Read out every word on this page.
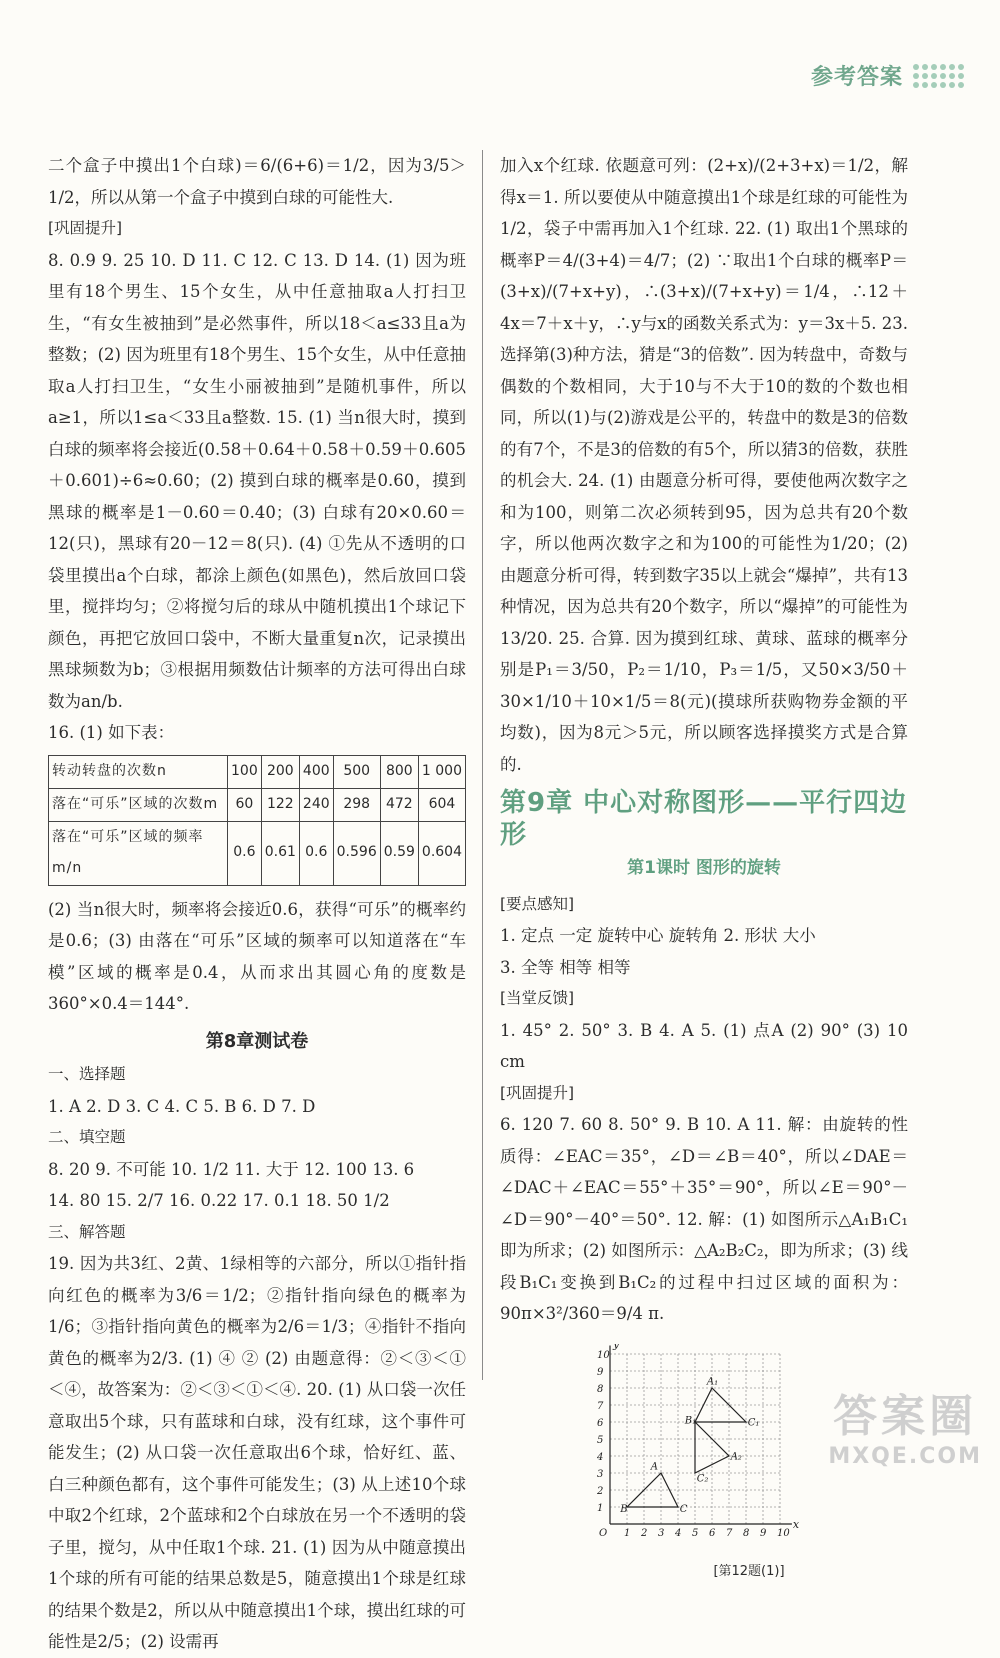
参考答案

二个盒子中摸出1个白球)＝6/(6+6)＝1/2，因为3/5＞1/2，所以从第一个盒子中摸到白球的可能性大.

[巩固提升]

8. 0.9 9. 25 10. D 11. C 12. C 13. D 14. (1) 因为班里有18个男生、15个女生，从中任意抽取a人打扫卫生，“有女生被抽到”是必然事件，所以18＜a≤33且a为整数；(2) 因为班里有18个男生、15个女生，从中任意抽取a人打扫卫生，“女生小丽被抽到”是随机事件，所以a≥1，所以1≤a＜33且a整数. 15. (1) 当n很大时，摸到白球的频率将会接近(0.58＋0.64＋0.58＋0.59＋0.605＋0.601)÷6≈0.60；(2) 摸到白球的概率是0.60，摸到黑球的概率是1－0.60＝0.40；(3) 白球有20×0.60＝12(只)，黑球有20－12＝8(只). (4) ①先从不透明的口袋里摸出a个白球，都涂上颜色(如黑色)，然后放回口袋里，搅拌均匀；②将搅匀后的球从中随机摸出1个球记下颜色，再把它放回口袋中，不断大量重复n次，记录摸出黑球频数为b；③根据用频数估计频率的方法可得出白球数为an/b.

16. (1) 如下表：

转动转盘的次数n	100	200	400	500	800	1 000
落在“可乐”区域的次数m	60	122	240	298	472	604
落在“可乐”区域的频率m/n	0.6	0.61	0.6	0.596	0.59	0.604

(2) 当n很大时，频率将会接近0.6，获得“可乐”的概率约是0.6；(3) 由落在“可乐”区域的频率可以知道落在“车模”区域的概率是0.4，从而求出其圆心角的度数是360°×0.4＝144°.

第8章测试卷

一、选择题

1. A 2. D 3. C 4. C 5. B 6. D 7. D

二、填空题

8. 20 9. 不可能 10. 1/2 11. 大于 12. 100 13. 6

14. 80 15. 2/7 16. 0.22 17. 0.1 18. 50 1/2

三、解答题

19. 因为共3红、2黄、1绿相等的六部分，所以①指针指向红色的概率为3/6＝1/2；②指针指向绿色的概率为1/6；③指针指向黄色的概率为2/6＝1/3；④指针不指向黄色的概率为2/3. (1) ④ ② (2) 由题意得：②＜③＜①＜④，故答案为：②＜③＜①＜④. 20. (1) 从口袋一次任意取出5个球，只有蓝球和白球，没有红球，这个事件可能发生；(2) 从口袋一次任意取出6个球，恰好红、蓝、白三种颜色都有，这个事件可能发生；(3) 从上述10个球中取2个红球，2个蓝球和2个白球放在另一个不透明的袋子里，搅匀，从中任取1个球. 21. (1) 因为从中随意摸出1个球的所有可能的结果总数是5，随意摸出1个球是红球的结果个数是2，所以从中随意摸出1个球，摸出红球的可能性是2/5；(2) 设需再

加入x个红球. 依题意可列：(2+x)/(2+3+x)＝1/2，解得x＝1. 所以要使从中随意摸出1个球是红球的可能性为1/2，袋子中需再加入1个红球. 22. (1) 取出1个黑球的概率P＝4/(3+4)＝4/7；(2) ∵取出1个白球的概率P＝(3+x)/(7+x+y)，∴(3+x)/(7+x+y)＝1/4，∴12＋4x＝7＋x＋y，∴y与x的函数关系式为：y＝3x＋5. 23. 选择第(3)种方法，猜是“3的倍数”. 因为转盘中，奇数与偶数的个数相同，大于10与不大于10的数的个数也相同，所以(1)与(2)游戏是公平的，转盘中的数是3的倍数的有7个，不是3的倍数的有5个，所以猜3的倍数，获胜的机会大. 24. (1) 由题意分析可得，要使他两次数字之和为100，则第二次必须转到95，因为总共有20个数字，所以他两次数字之和为100的可能性为1/20；(2) 由题意分析可得，转到数字35以上就会“爆掉”，共有13种情况，因为总共有20个数字，所以“爆掉”的可能性为13/20. 25. 合算. 因为摸到红球、黄球、蓝球的概率分别是P₁＝3/50，P₂＝1/10，P₃＝1/5，又50×3/50＋30×1/10＋10×1/5＝8(元)(摸球所获购物券金额的平均数)，因为8元＞5元，所以顾客选择摸奖方式是合算的.

第9章 中心对称图形——平行四边形
第1课时 图形的旋转

[要点感知]

1. 定点 一定 旋转中心 旋转角 2. 形状 大小

3. 全等 相等 相等

[当堂反馈]

1. 45° 2. 50° 3. B 4. A 5. (1) 点A (2) 90° (3) 10 cm

[巩固提升]

6. 120 7. 60 8. 50° 9. B 10. A 11. 解：由旋转的性质得：∠EAC＝35°，∠D＝∠B＝40°，所以∠DAE＝∠DAC＋∠EAC＝55°＋35°＝90°，所以∠E＝90°－∠D＝90°－40°＝50°. 12. 解：(1) 如图所示△A₁B₁C₁即为所求；(2) 如图所示：△A₂B₂C₂，即为所求；(3) 线段B₁C₁变换到B₁C₂的过程中扫过区域的面积为：90π×3²/360＝9/4 π.

1 2 3 4 5 6 7 8 9 10
1
2
3
4
5
6
7
8
9
10
O
x
y
A
B	C
A₁
B₁	C₁
A₂
C₂
[第12题(1)]
答案圈
MXQE.COM
